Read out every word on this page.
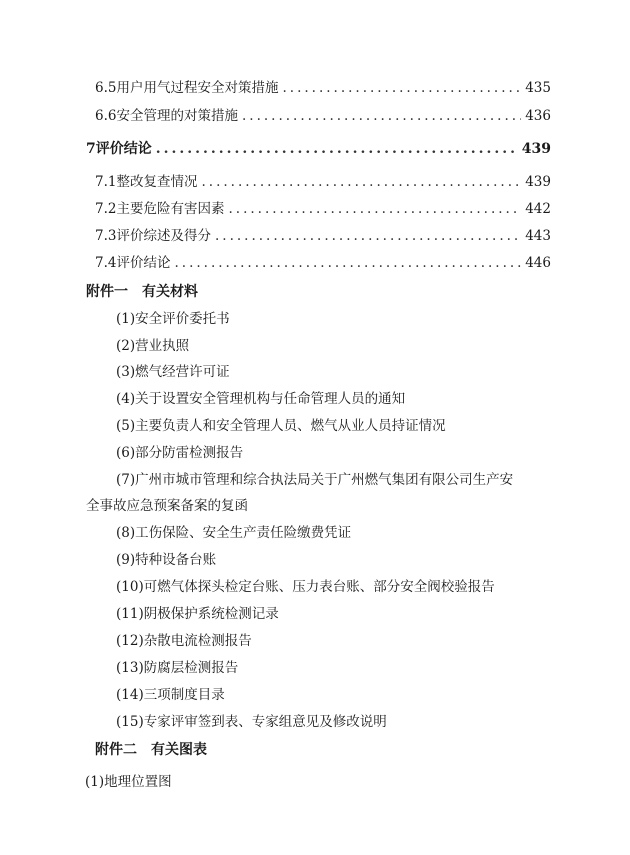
6.5 用户用气过程安全对策措施 .....	435
6.6 安全管理的对策措施 .....	436
7 评价结论 .....	439
7.1 整改复查情况 .....	439
7.2 主要危险有害因素 .....	442
7.3 评价综述及得分 .....	443
7.4 评价结论 .....	446
附件一　有关材料
(1)安全评价委托书
(2)营业执照
(3)燃气经营许可证
(4)关于设置安全管理机构与任命管理人员的通知
(5)主要负责人和安全管理人员、燃气从业人员持证情况
(6)部分防雷检测报告
(7)广州市城市管理和综合执法局关于广州燃气集团有限公司生产安
全事故应急预案备案的复函
(8)工伤保险、安全生产责任险缴费凭证
(9)特种设备台账
(10)可燃气体探头检定台账、压力表台账、部分安全阀校验报告
(11)阴极保护系统检测记录
(12)杂散电流检测报告
(13)防腐层检测报告
(14)三项制度目录
(15)专家评审签到表、专家组意见及修改说明
附件二　有关图表
(1)地理位置图
